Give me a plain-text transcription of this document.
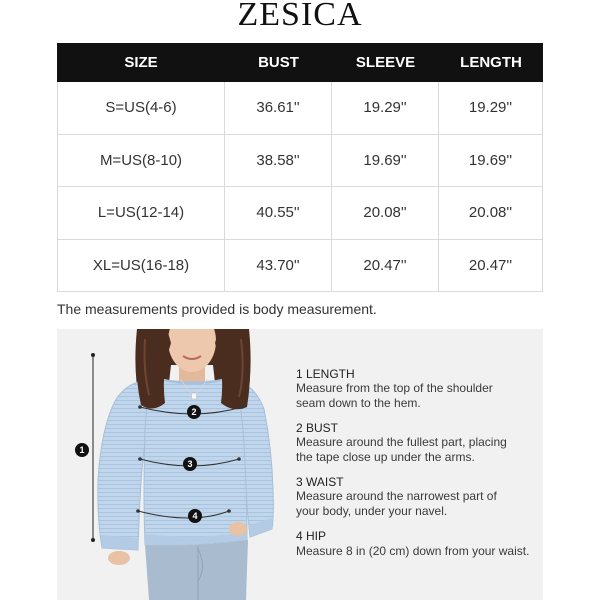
ZESICA
SIZE	BUST	SLEEVE	LENGTH
S=US(4-6)	36.61''	19.29''	19.29''
M=US(8-10)	38.58''	19.69''	19.69''
L=US(12-14)	40.55''	20.08''	20.08''
XL=US(16-18)	43.70''	20.47''	20.47''
The measurements provided is body measurement.
1
2
3
4
1 LENGTH
Measure from the top of the shoulder
seam down to the hem.
2 BUST
Measure around the fullest part, placing
the tape close up under the arms.
3 WAIST
Measure around the narrowest part of
your body, under your navel.
4 HIP
Measure 8 in (20 cm) down from your waist.
